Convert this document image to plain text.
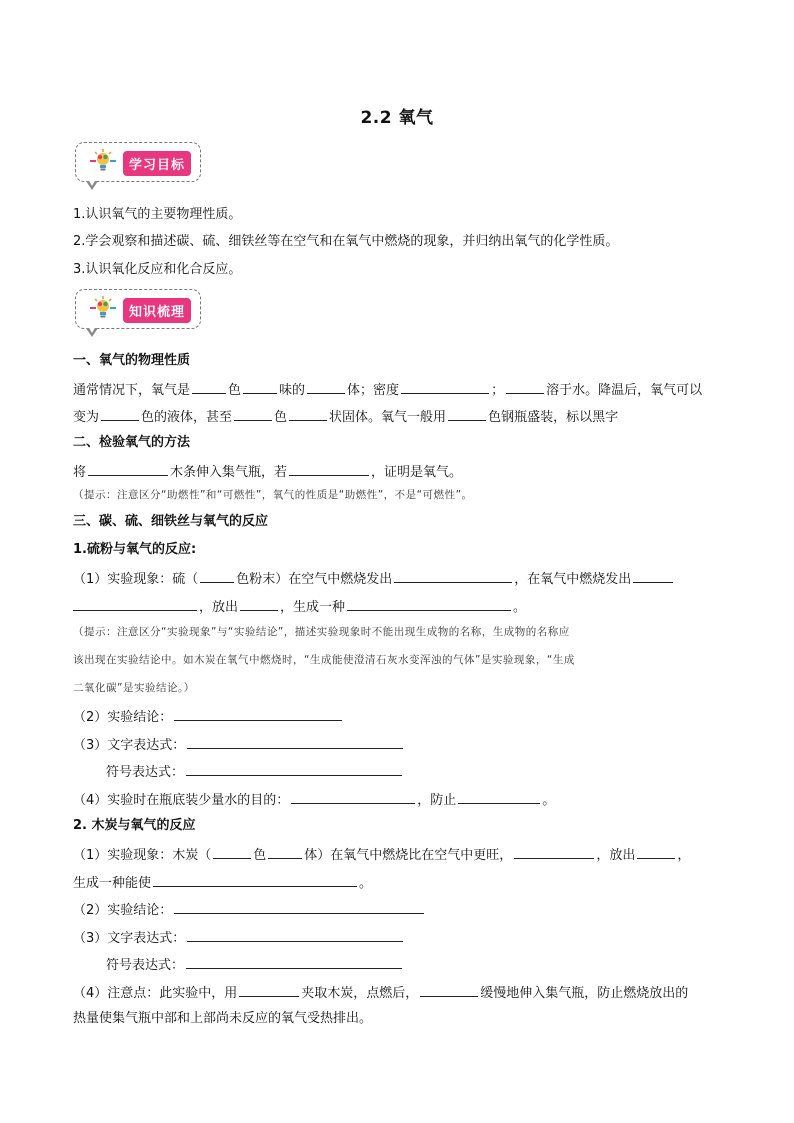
2.2 氧气
学习目标
1.认识氧气的主要物理性质。
2.学会观察和描述碳、硫、细铁丝等在空气和在氧气中燃烧的现象，并归纳出氧气的化学性质。
3.认识氧化反应和化合反应。
知识梳理
一、氧气的物理性质
通常情况下，氧气是	色	味的	体；密度	；	溶于水。降温后，氧气可以
变为	色的液体，甚至	色	状固体。氧气一般用	色钢瓶盛装，标以黑字
二、检验氧气的方法
将	木条伸入集气瓶，若	，证明是氧气。
（提示：注意区分“助燃性”和“可燃性”，氧气的性质是“助燃性”，不是“可燃性”。
三、碳、硫、细铁丝与氧气的反应
1.硫粉与氧气的反应:
（1）实验现象：硫（	色粉末）在空气中燃烧发出	，在氧气中燃烧发出
，放出	，生成一种	。
（提示：注意区分“实验现象”与“实验结论”，描述实验现象时不能出现生成物的名称，生成物的名称应
该出现在实验结论中。如木炭在氧气中燃烧时，“生成能使澄清石灰水变浑浊的气体”是实验现象，“生成
二氧化碳”是实验结论。）
（2）实验结论：
（3）文字表达式：
符号表达式：
（4）实验时在瓶底装少量水的目的：	，防止	。
2. 木炭与氧气的反应
（1）实验现象：木炭（	色	体）在氧气中燃烧比在空气中更旺，	，放出	，
生成一种能使	。
（2）实验结论：
（3）文字表达式：
符号表达式：
（4）注意点：此实验中，用	夹取木炭，点燃后，	缓慢地伸入集气瓶，防止燃烧放出的
热量使集气瓶中部和上部尚未反应的氧气受热排出。
